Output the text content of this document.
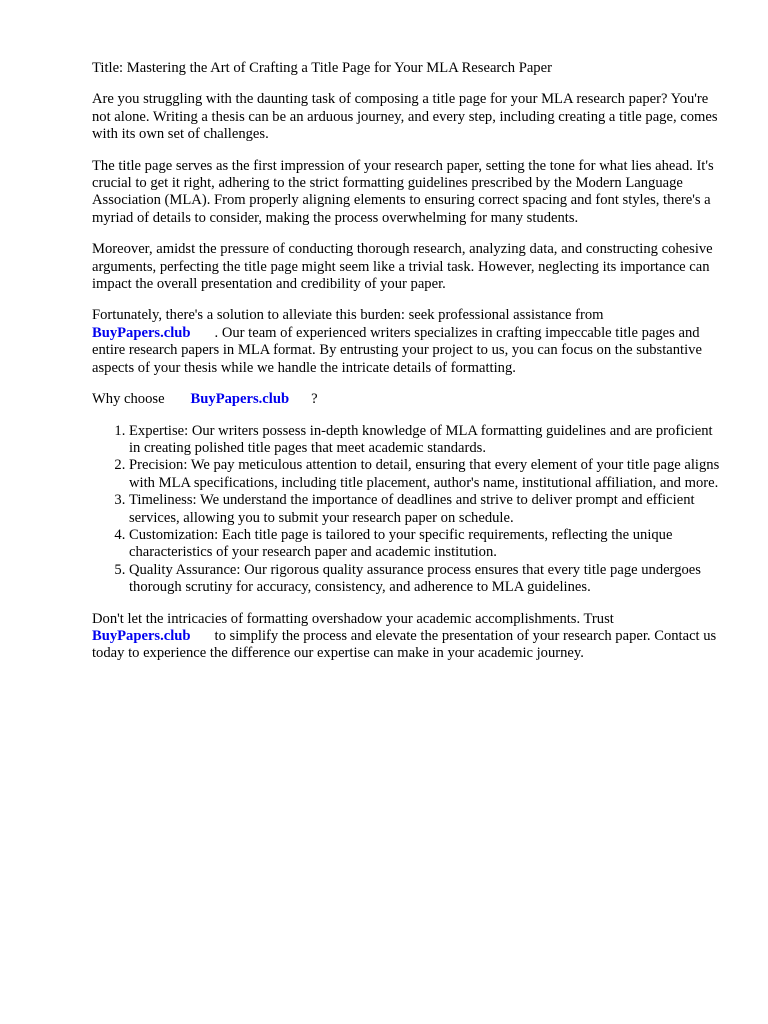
Title: Mastering the Art of Crafting a Title Page for Your MLA Research Paper

Are you struggling with the daunting task of composing a title page for your MLA research paper? You're not alone. Writing a thesis can be an arduous journey, and every step, including creating a title page, comes with its own set of challenges.

The title page serves as the first impression of your research paper, setting the tone for what lies ahead. It's crucial to get it right, adhering to the strict formatting guidelines prescribed by the Modern Language Association (MLA). From properly aligning elements to ensuring correct spacing and font styles, there's a myriad of details to consider, making the process overwhelming for many students.

Moreover, amidst the pressure of conducting thorough research, analyzing data, and constructing cohesive arguments, perfecting the title page might seem like a trivial task. However, neglecting its importance can impact the overall presentation and credibility of your paper.

Fortunately, there's a solution to alleviate this burden: seek professional assistance from BuyPapers.club . Our team of experienced writers specializes in crafting impeccable title pages and entire research papers in MLA format. By entrusting your project to us, you can focus on the substantive aspects of your thesis while we handle the intricate details of formatting.

Why choose BuyPapers.club ?

1. Expertise: Our writers possess in-depth knowledge of MLA formatting guidelines and are proficient in creating polished title pages that meet academic standards.
2. Precision: We pay meticulous attention to detail, ensuring that every element of your title page aligns with MLA specifications, including title placement, author's name, institutional affiliation, and more.
3. Timeliness: We understand the importance of deadlines and strive to deliver prompt and efficient services, allowing you to submit your research paper on schedule.
4. Customization: Each title page is tailored to your specific requirements, reflecting the unique characteristics of your research paper and academic institution.
5. Quality Assurance: Our rigorous quality assurance process ensures that every title page undergoes thorough scrutiny for accuracy, consistency, and adherence to MLA guidelines.

Don't let the intricacies of formatting overshadow your academic accomplishments. Trust BuyPapers.club to simplify the process and elevate the presentation of your research paper. Contact us today to experience the difference our expertise can make in your academic journey.
